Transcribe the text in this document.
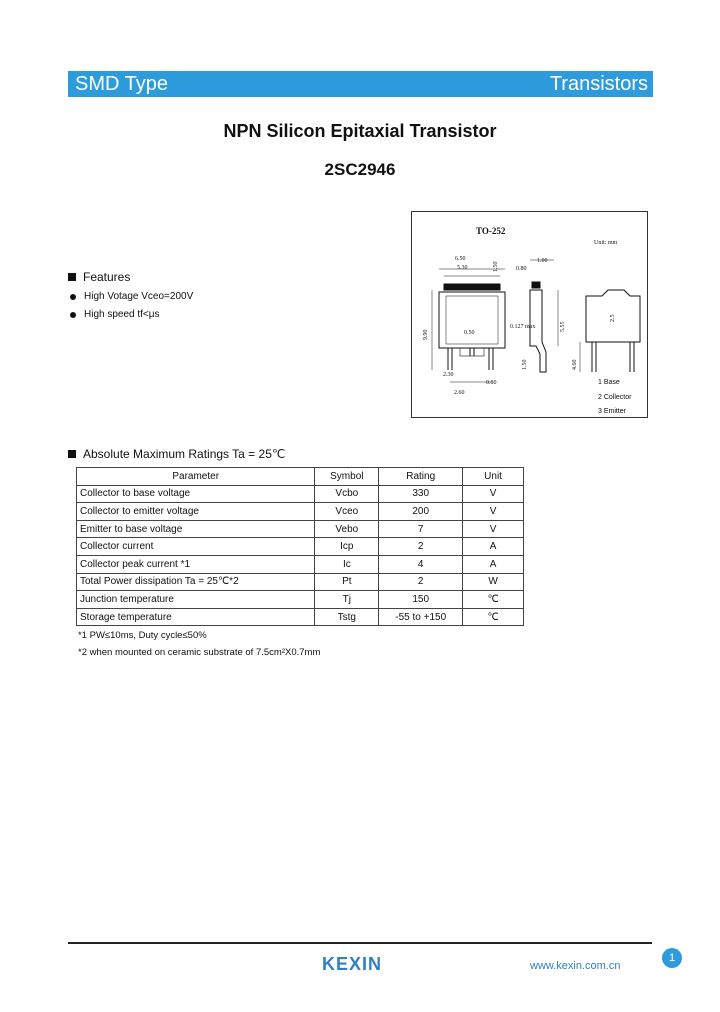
SMD Type	Transistors
NPN Silicon Epitaxial Transistor
2SC2946
TO-252
Unit: mm
6.50
5.30	1.50
2.30
0.50
9.90
0.80
2.60
0.80
1.00
0.127 max	5.55
1.50
2.5
4.60
1 Base
2 Collector
3 Emitter
Features
High Votage Vceo=200V
High speed tf<μs
Absolute Maximum Ratings Ta = 25℃
Parameter	Symbol	Rating	Unit
Collector to base voltage	Vcbo	330	V
Collector to emitter voltage	Vceo	200	V
Emitter to base voltage	Vebo	7	V
Collector current	Icp	2	A
Collector peak current *1	Ic	4	A
Total Power dissipation Ta = 25℃*2	Pt	2	W
Junction temperature	Tj	150	℃
Storage temperature	Tstg	-55 to +150	℃
*1 PW≤10ms, Duty cycle≤50%
*2 when mounted on ceramic substrate of 7.5cm²X0.7mm
KEXIN	www.kexin.com.cn
1
